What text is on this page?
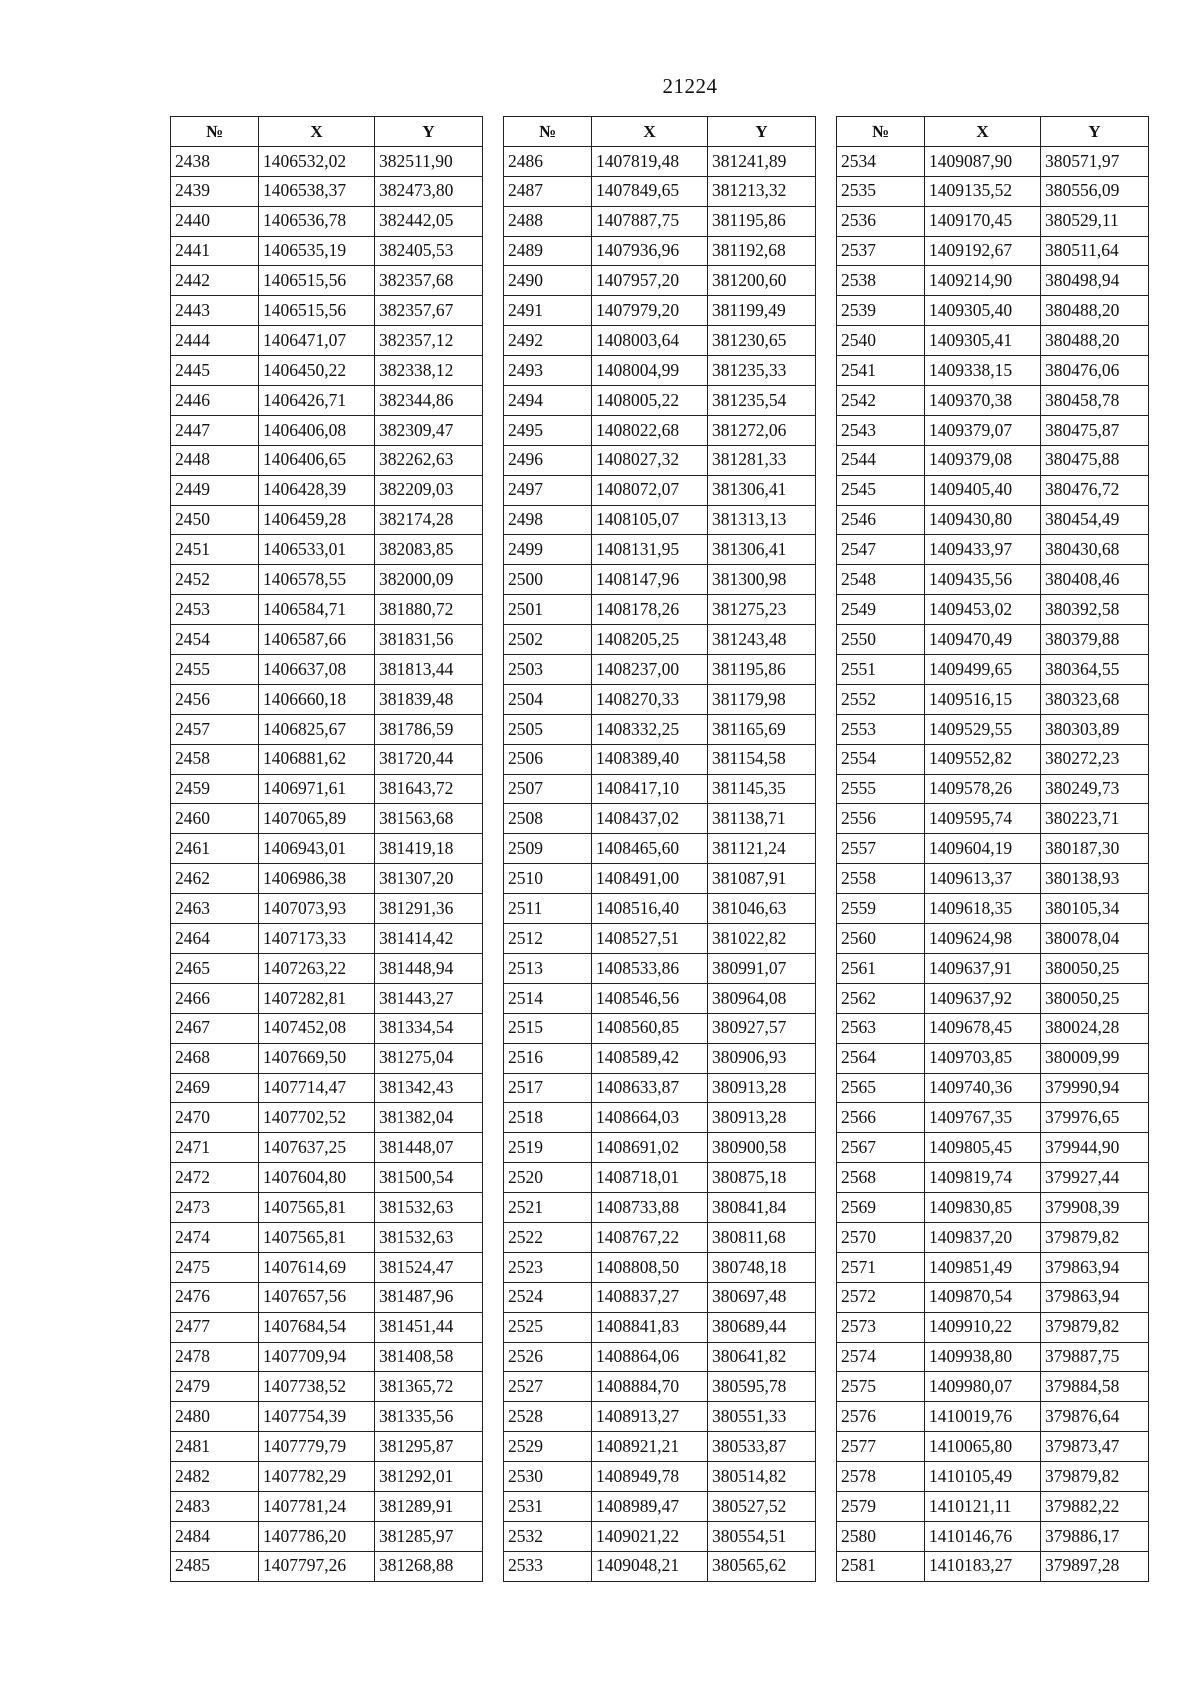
21224
№	X	Y
2438	1406532,02	382511,90
2439	1406538,37	382473,80
2440	1406536,78	382442,05
2441	1406535,19	382405,53
2442	1406515,56	382357,68
2443	1406515,56	382357,67
2444	1406471,07	382357,12
2445	1406450,22	382338,12
2446	1406426,71	382344,86
2447	1406406,08	382309,47
2448	1406406,65	382262,63
2449	1406428,39	382209,03
2450	1406459,28	382174,28
2451	1406533,01	382083,85
2452	1406578,55	382000,09
2453	1406584,71	381880,72
2454	1406587,66	381831,56
2455	1406637,08	381813,44
2456	1406660,18	381839,48
2457	1406825,67	381786,59
2458	1406881,62	381720,44
2459	1406971,61	381643,72
2460	1407065,89	381563,68
2461	1406943,01	381419,18
2462	1406986,38	381307,20
2463	1407073,93	381291,36
2464	1407173,33	381414,42
2465	1407263,22	381448,94
2466	1407282,81	381443,27
2467	1407452,08	381334,54
2468	1407669,50	381275,04
2469	1407714,47	381342,43
2470	1407702,52	381382,04
2471	1407637,25	381448,07
2472	1407604,80	381500,54
2473	1407565,81	381532,63
2474	1407565,81	381532,63
2475	1407614,69	381524,47
2476	1407657,56	381487,96
2477	1407684,54	381451,44
2478	1407709,94	381408,58
2479	1407738,52	381365,72
2480	1407754,39	381335,56
2481	1407779,79	381295,87
2482	1407782,29	381292,01
2483	1407781,24	381289,91
2484	1407786,20	381285,97
2485	1407797,26	381268,88
№	X	Y
2486	1407819,48	381241,89
2487	1407849,65	381213,32
2488	1407887,75	381195,86
2489	1407936,96	381192,68
2490	1407957,20	381200,60
2491	1407979,20	381199,49
2492	1408003,64	381230,65
2493	1408004,99	381235,33
2494	1408005,22	381235,54
2495	1408022,68	381272,06
2496	1408027,32	381281,33
2497	1408072,07	381306,41
2498	1408105,07	381313,13
2499	1408131,95	381306,41
2500	1408147,96	381300,98
2501	1408178,26	381275,23
2502	1408205,25	381243,48
2503	1408237,00	381195,86
2504	1408270,33	381179,98
2505	1408332,25	381165,69
2506	1408389,40	381154,58
2507	1408417,10	381145,35
2508	1408437,02	381138,71
2509	1408465,60	381121,24
2510	1408491,00	381087,91
2511	1408516,40	381046,63
2512	1408527,51	381022,82
2513	1408533,86	380991,07
2514	1408546,56	380964,08
2515	1408560,85	380927,57
2516	1408589,42	380906,93
2517	1408633,87	380913,28
2518	1408664,03	380913,28
2519	1408691,02	380900,58
2520	1408718,01	380875,18
2521	1408733,88	380841,84
2522	1408767,22	380811,68
2523	1408808,50	380748,18
2524	1408837,27	380697,48
2525	1408841,83	380689,44
2526	1408864,06	380641,82
2527	1408884,70	380595,78
2528	1408913,27	380551,33
2529	1408921,21	380533,87
2530	1408949,78	380514,82
2531	1408989,47	380527,52
2532	1409021,22	380554,51
2533	1409048,21	380565,62
№	X	Y
2534	1409087,90	380571,97
2535	1409135,52	380556,09
2536	1409170,45	380529,11
2537	1409192,67	380511,64
2538	1409214,90	380498,94
2539	1409305,40	380488,20
2540	1409305,41	380488,20
2541	1409338,15	380476,06
2542	1409370,38	380458,78
2543	1409379,07	380475,87
2544	1409379,08	380475,88
2545	1409405,40	380476,72
2546	1409430,80	380454,49
2547	1409433,97	380430,68
2548	1409435,56	380408,46
2549	1409453,02	380392,58
2550	1409470,49	380379,88
2551	1409499,65	380364,55
2552	1409516,15	380323,68
2553	1409529,55	380303,89
2554	1409552,82	380272,23
2555	1409578,26	380249,73
2556	1409595,74	380223,71
2557	1409604,19	380187,30
2558	1409613,37	380138,93
2559	1409618,35	380105,34
2560	1409624,98	380078,04
2561	1409637,91	380050,25
2562	1409637,92	380050,25
2563	1409678,45	380024,28
2564	1409703,85	380009,99
2565	1409740,36	379990,94
2566	1409767,35	379976,65
2567	1409805,45	379944,90
2568	1409819,74	379927,44
2569	1409830,85	379908,39
2570	1409837,20	379879,82
2571	1409851,49	379863,94
2572	1409870,54	379863,94
2573	1409910,22	379879,82
2574	1409938,80	379887,75
2575	1409980,07	379884,58
2576	1410019,76	379876,64
2577	1410065,80	379873,47
2578	1410105,49	379879,82
2579	1410121,11	379882,22
2580	1410146,76	379886,17
2581	1410183,27	379897,28
